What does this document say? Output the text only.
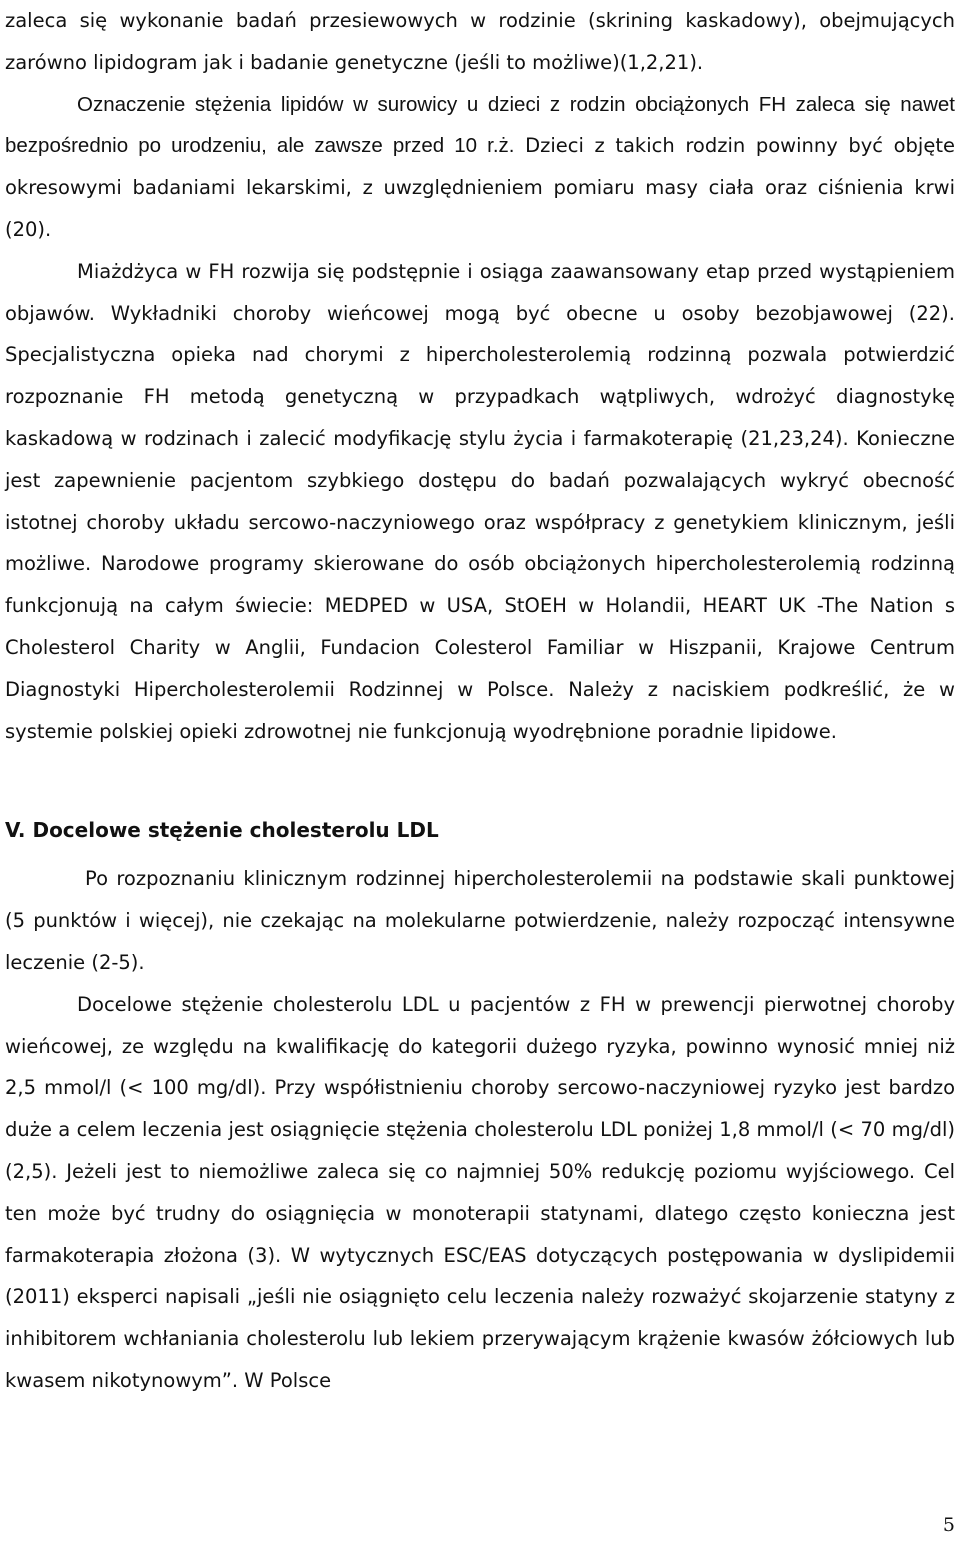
zaleca się wykonanie badań przesiewowych w rodzinie (skrining kaskadowy), obejmujących zarówno lipidogram jak i badanie genetyczne (jeśli to możliwe)(1,2,21).

Oznaczenie stężenia lipidów w surowicy u dzieci z rodzin obciążonych FH zaleca się nawet bezpośrednio po urodzeniu, ale zawsze przed 10 r.ż. Dzieci z takich rodzin powinny być objęte okresowymi badaniami lekarskimi, z uwzględnieniem pomiaru masy ciała oraz ciśnienia krwi (20).

Miażdżyca w FH rozwija się podstępnie i osiąga zaawansowany etap przed wystąpieniem objawów. Wykładniki choroby wieńcowej mogą być obecne u osoby bezobjawowej (22). Specjalistyczna opieka nad chorymi z hipercholesterolemią rodzinną pozwala potwierdzić rozpoznanie FH metodą genetyczną w przypadkach wątpliwych, wdrożyć diagnostykę kaskadową w rodzinach i zalecić modyfikację stylu życia i farmakoterapię (21,23,24). Konieczne jest zapewnienie pacjentom szybkiego dostępu do badań pozwalających wykryć obecność istotnej choroby układu sercowo-naczyniowego oraz współpracy z genetykiem klinicznym, jeśli możliwe. Narodowe programy skierowane do osób obciążonych hipercholesterolemią rodzinną funkcjonują na całym świecie: MEDPED w USA, StOEH w Holandii, HEART UK -The Nation s Cholesterol Charity w Anglii, Fundacion Colesterol Familiar w Hiszpanii, Krajowe Centrum Diagnostyki Hipercholesterolemii Rodzinnej w Polsce. Należy z naciskiem podkreślić, że w systemie polskiej opieki zdrowotnej nie funkcjonują wyodrębnione poradnie lipidowe.

V. Docelowe stężenie cholesterolu LDL

Po rozpoznaniu klinicznym rodzinnej hipercholesterolemii na podstawie skali punktowej (5 punktów i więcej), nie czekając na molekularne potwierdzenie, należy rozpocząć intensywne leczenie (2-5).

Docelowe stężenie cholesterolu LDL u pacjentów z FH w prewencji pierwotnej choroby wieńcowej, ze względu na kwalifikację do kategorii dużego ryzyka, powinno wynosić mniej niż 2,5 mmol/l (< 100 mg/dl). Przy współistnieniu choroby sercowo-naczyniowej ryzyko jest bardzo duże a celem leczenia jest osiągnięcie stężenia cholesterolu LDL poniżej 1,8 mmol/l (< 70 mg/dl) (2,5). Jeżeli jest to niemożliwe zaleca się co najmniej 50% redukcję poziomu wyjściowego. Cel ten może być trudny do osiągnięcia w monoterapii statynami, dlatego często konieczna jest farmakoterapia złożona (3). W wytycznych ESC/EAS dotyczących postępowania w dyslipidemii (2011) eksperci napisali „jeśli nie osiągnięto celu leczenia należy rozważyć skojarzenie statyny z inhibitorem wchłaniania cholesterolu lub lekiem przerywającym krążenie kwasów żółciowych lub kwasem nikotynowym”. W Polsce

5
